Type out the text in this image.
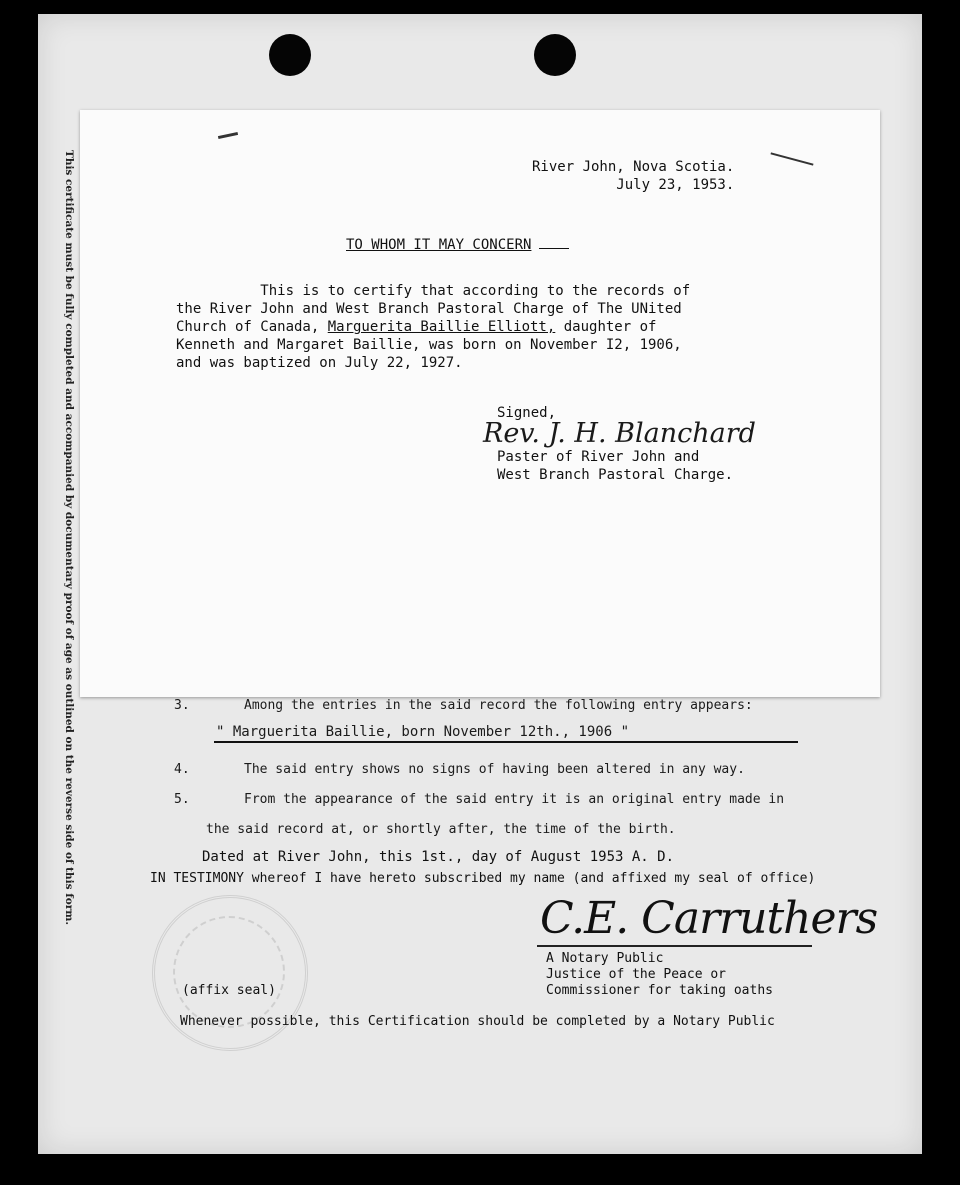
This certificate must be fully completed and accompanied by documentary proof of age as outlined on the reverse side of this form.	River John, Nova Scotia.
July 23, 1953.
TO WHOM IT MAY CONCERN
This is to certify that according to the records of
the River John and West Branch Pastoral Charge of The UNited
Church of Canada, Marguerita Baillie Elliott, daughter of
Kenneth and Margaret Baillie, was born on November I2, 1906,
and was baptized on July 22, 1927.
Signed,
Rev. J. H. Blanchard
Paster of River John and
West Branch Pastoral Charge.
3.	Among the entries in the said record the following entry appears:
" Marguerita Baillie, born November 12th., 1906 "
4.	The said entry shows no signs of having been altered in any way.
5.	From the appearance of the said entry it is an original entry made in
the said record at, or shortly after, the time of the birth.
Dated at River John, this 1st., day of August 1953 A. D.
IN TESTIMONY whereof I have hereto subscribed my name (and affixed my seal of office)
C.E. Carruthers
A Notary Public
Justice of the Peace or
Commissioner for taking oaths
(affix seal)
Whenever possible, this Certification should be completed by a Notary Public
